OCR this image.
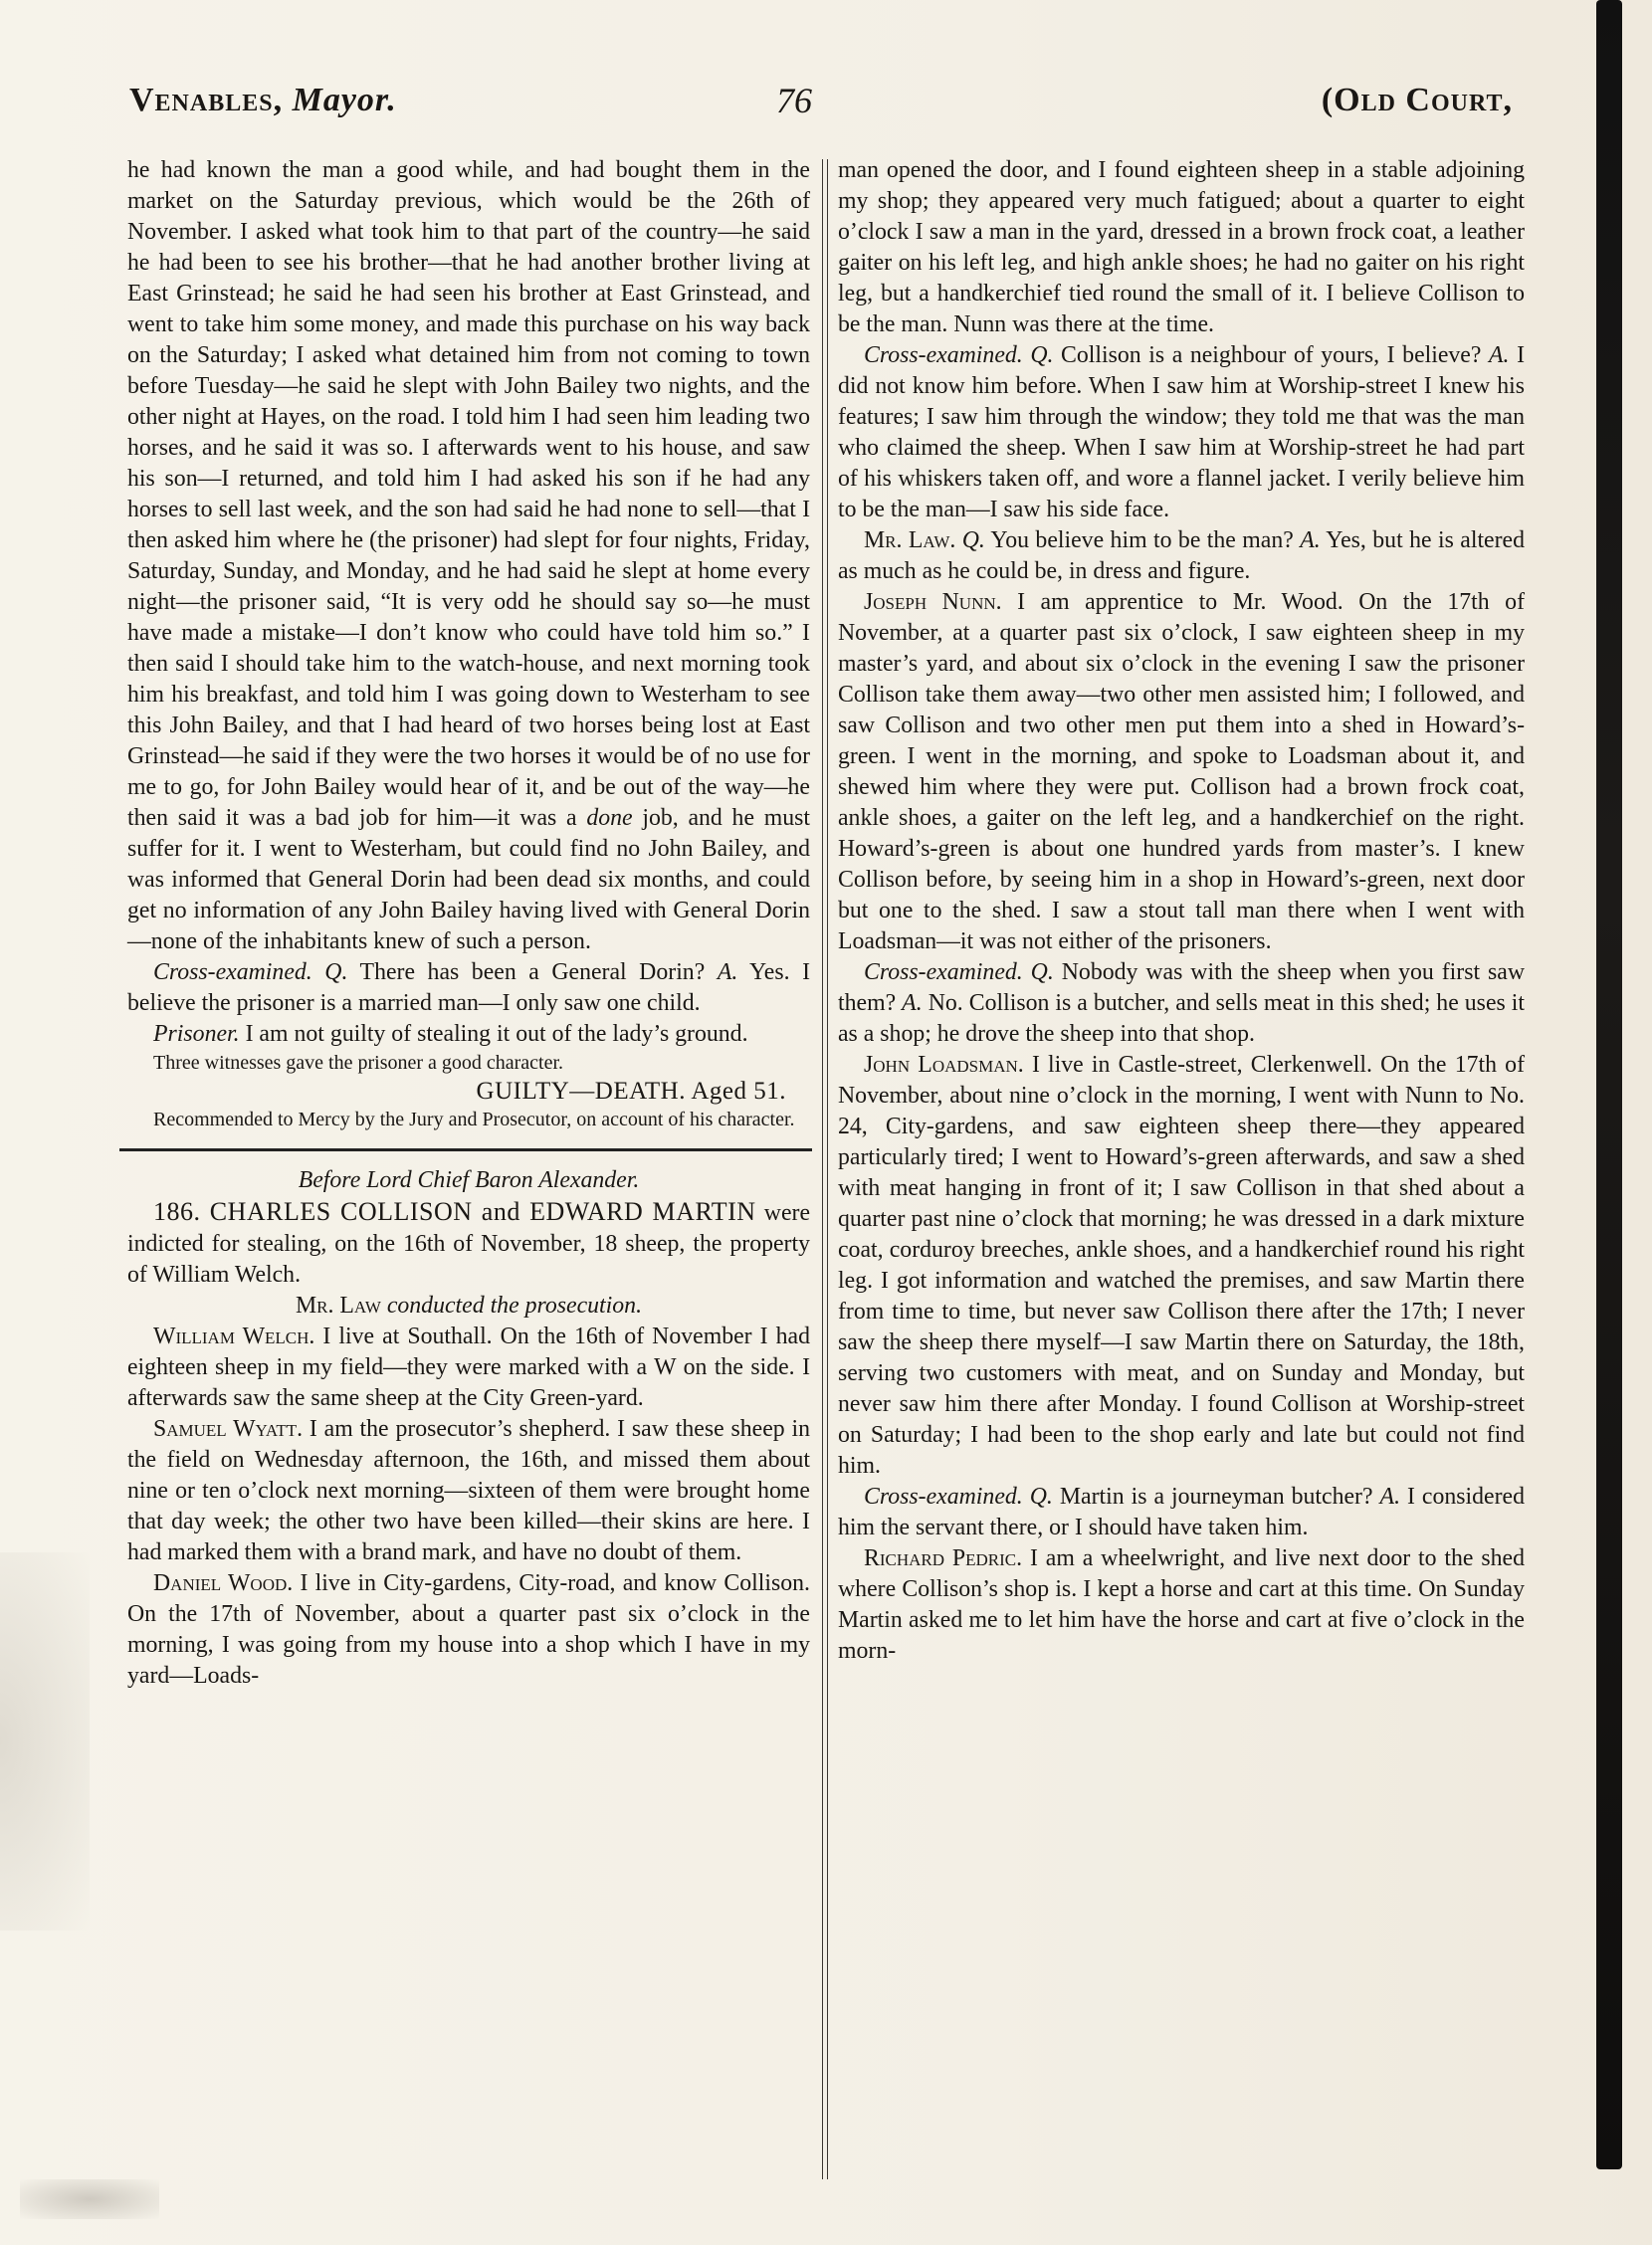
Venables, Mayor.	76	(Old Court,

he had known the man a good while, and had bought them in the market on the Saturday previous, which would be the 26th of November. I asked what took him to that part of the country—he said he had been to see his brother—that he had another brother living at East Grinstead; he said he had seen his brother at East Grinstead, and went to take him some money, and made this purchase on his way back on the Saturday; I asked what detained him from not coming to town before Tuesday—he said he slept with John Bailey two nights, and the other night at Hayes, on the road. I told him I had seen him leading two horses, and he said it was so. I afterwards went to his house, and saw his son—I returned, and told him I had asked his son if he had any horses to sell last week, and the son had said he had none to sell—that I then asked him where he (the prisoner) had slept for four nights, Friday, Saturday, Sunday, and Monday, and he had said he slept at home every night—the prisoner said, “It is very odd he should say so—he must have made a mistake—I don’t know who could have told him so.” I then said I should take him to the watch-house, and next morning took him his breakfast, and told him I was going down to Westerham to see this John Bailey, and that I had heard of two horses being lost at East Grinstead—he said if they were the two horses it would be of no use for me to go, for John Bailey would hear of it, and be out of the way—he then said it was a bad job for him—it was a done job, and he must suffer for it. I went to Westerham, but could find no John Bailey, and was informed that General Dorin had been dead six months, and could get no information of any John Bailey having lived with General Dorin—none of the inhabitants knew of such a person.

Cross-examined. Q. There has been a General Dorin? A. Yes. I believe the prisoner is a married man—I only saw one child.

Prisoner. I am not guilty of stealing it out of the lady’s ground.

Three witnesses gave the prisoner a good character.

GUILTY—DEATH. Aged 51.

Recommended to Mercy by the Jury and Prosecutor, on account of his character.

Before Lord Chief Baron Alexander.

186. CHARLES COLLISON and EDWARD MARTIN were indicted for stealing, on the 16th of November, 18 sheep, the property of William Welch.

Mr. Law conducted the prosecution.

William Welch. I live at Southall. On the 16th of November I had eighteen sheep in my field—they were marked with a W on the side. I afterwards saw the same sheep at the City Green-yard.

Samuel Wyatt. I am the prosecutor’s shepherd. I saw these sheep in the field on Wednesday afternoon, the 16th, and missed them about nine or ten o’clock next morning—sixteen of them were brought home that day week; the other two have been killed—their skins are here. I had marked them with a brand mark, and have no doubt of them.

Daniel Wood. I live in City-gardens, City-road, and know Collison. On the 17th of November, about a quarter past six o’clock in the morning, I was going from my house into a shop which I have in my yard—Loads-

man opened the door, and I found eighteen sheep in a stable adjoining my shop; they appeared very much fatigued; about a quarter to eight o’clock I saw a man in the yard, dressed in a brown frock coat, a leather gaiter on his left leg, and high ankle shoes; he had no gaiter on his right leg, but a handkerchief tied round the small of it. I believe Collison to be the man. Nunn was there at the time.

Cross-examined. Q. Collison is a neighbour of yours, I believe? A. I did not know him before. When I saw him at Worship-street I knew his features; I saw him through the window; they told me that was the man who claimed the sheep. When I saw him at Worship-street he had part of his whiskers taken off, and wore a flannel jacket. I verily believe him to be the man—I saw his side face.

Mr. Law. Q. You believe him to be the man? A. Yes, but he is altered as much as he could be, in dress and figure.

Joseph Nunn. I am apprentice to Mr. Wood. On the 17th of November, at a quarter past six o’clock, I saw eighteen sheep in my master’s yard, and about six o’clock in the evening I saw the prisoner Collison take them away—two other men assisted him; I followed, and saw Collison and two other men put them into a shed in Howard’s-green. I went in the morning, and spoke to Loadsman about it, and shewed him where they were put. Collison had a brown frock coat, ankle shoes, a gaiter on the left leg, and a handkerchief on the right. Howard’s-green is about one hundred yards from master’s. I knew Collison before, by seeing him in a shop in Howard’s-green, next door but one to the shed. I saw a stout tall man there when I went with Loadsman—it was not either of the prisoners.

Cross-examined. Q. Nobody was with the sheep when you first saw them? A. No. Collison is a butcher, and sells meat in this shed; he uses it as a shop; he drove the sheep into that shop.

John Loadsman. I live in Castle-street, Clerkenwell. On the 17th of November, about nine o’clock in the morning, I went with Nunn to No. 24, City-gardens, and saw eighteen sheep there—they appeared particularly tired; I went to Howard’s-green afterwards, and saw a shed with meat hanging in front of it; I saw Collison in that shed about a quarter past nine o’clock that morning; he was dressed in a dark mixture coat, corduroy breeches, ankle shoes, and a handkerchief round his right leg. I got information and watched the premises, and saw Martin there from time to time, but never saw Collison there after the 17th; I never saw the sheep there myself—I saw Martin there on Saturday, the 18th, serving two customers with meat, and on Sunday and Monday, but never saw him there after Monday. I found Collison at Worship-street on Saturday; I had been to the shop early and late but could not find him.

Cross-examined. Q. Martin is a journeyman butcher? A. I considered him the servant there, or I should have taken him.

Richard Pedric. I am a wheelwright, and live next door to the shed where Collison’s shop is. I kept a horse and cart at this time. On Sunday Martin asked me to let him have the horse and cart at five o’clock in the morn-
